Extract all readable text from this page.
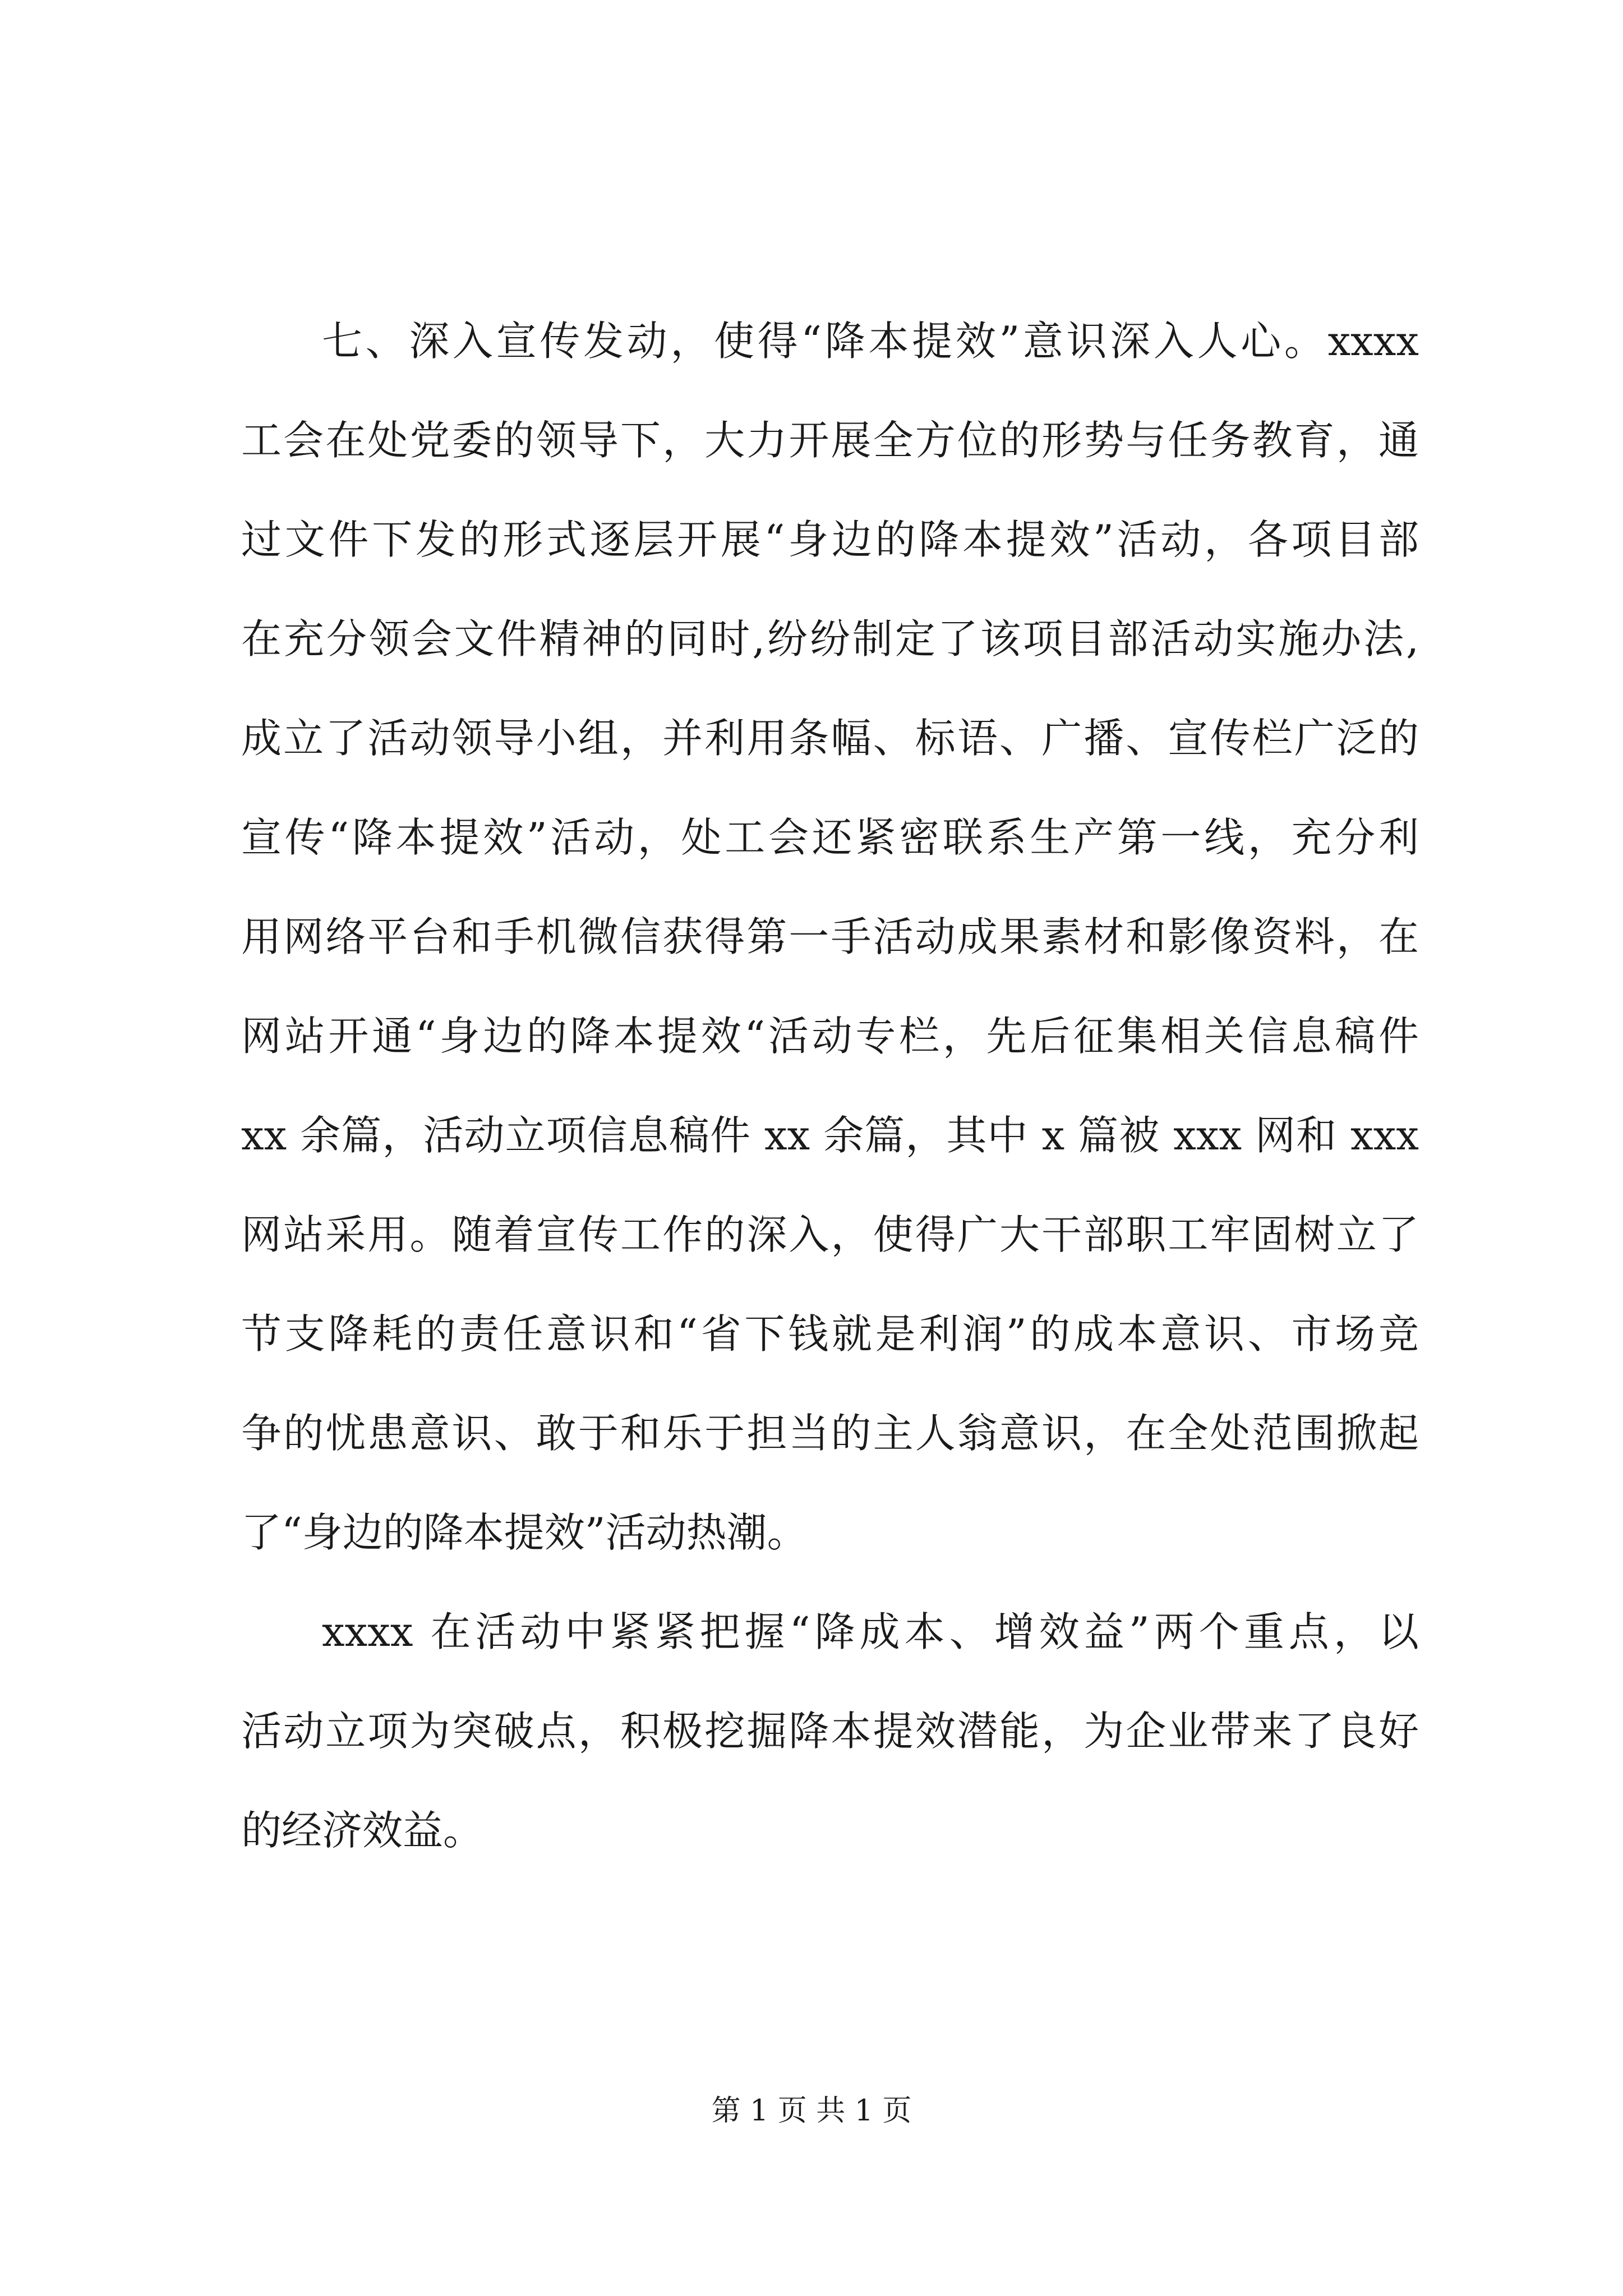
七、深入宣传发动，使得“降本提效”意识深入人心。xxxx
工会在处党委的领导下，大力开展全方位的形势与任务教育，通
过文件下发的形式逐层开展“身边的降本提效”活动，各项目部
在充分领会文件精神的同时,纷纷制定了该项目部活动实施办法,
成立了活动领导小组，并利用条幅、标语、广播、宣传栏广泛的
宣传“降本提效”活动，处工会还紧密联系生产第一线，充分利
用网络平台和手机微信获得第一手活动成果素材和影像资料，在
网站开通“身边的降本提效“活动专栏，先后征集相关信息稿件
xx 余篇，活动立项信息稿件 xx 余篇，其中 x 篇被 xxx 网和 xxx
网站采用。随着宣传工作的深入，使得广大干部职工牢固树立了
节支降耗的责任意识和“省下钱就是利润”的成本意识、市场竞
争的忧患意识、敢于和乐于担当的主人翁意识，在全处范围掀起
了“身边的降本提效”活动热潮。
xxxx 在活动中紧紧把握“降成本、增效益”两个重点，以
活动立项为突破点，积极挖掘降本提效潜能，为企业带来了良好
的经济效益。
第 1 页 共 1 页
